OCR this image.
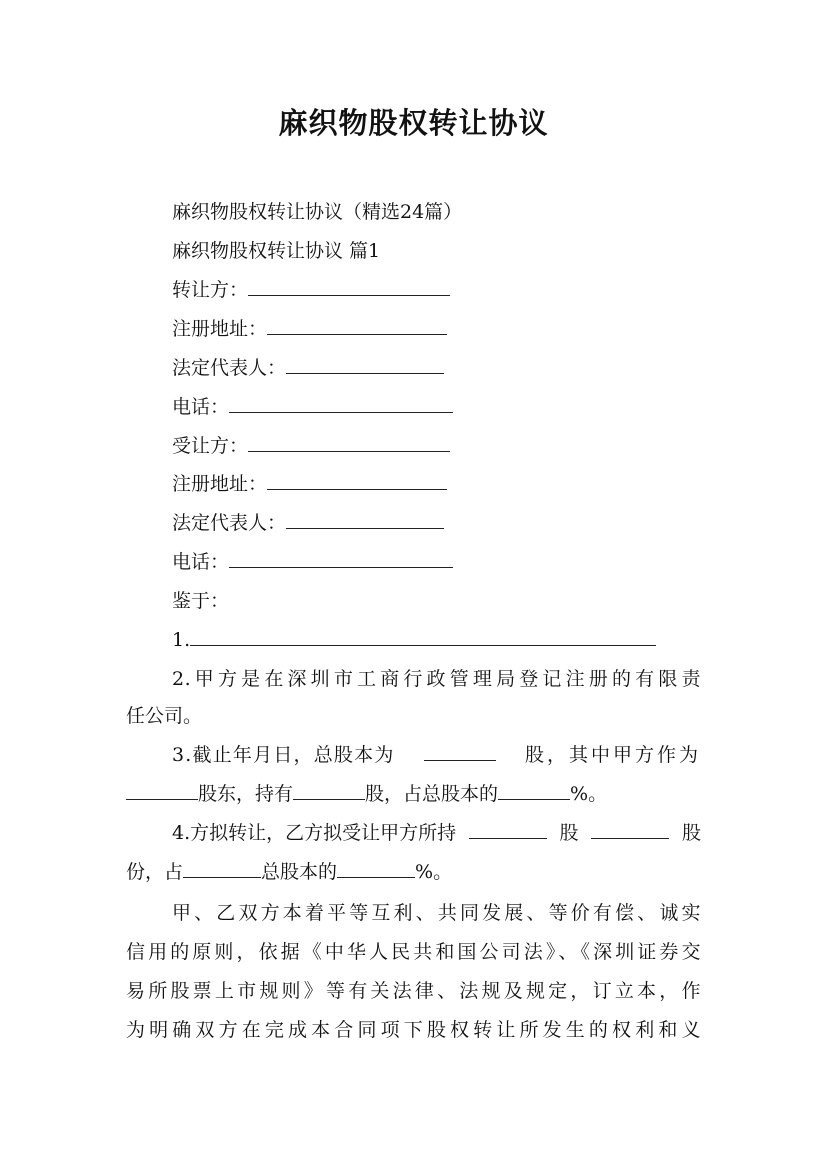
麻织物股权转让协议
麻织物股权转让协议（精选24篇）
麻织物股权转让协议 篇1
转让方：
注册地址：
法定代表人：
电话：
受让方：
注册地址：
法定代表人：
电话：
鉴于：
1.
2.甲方是在深圳市工商行政管理局登记注册的有限责
任公司。
3.截止年月日，总股本为	股，其中甲方作为
股东，持有	股，占总股本的	%。
4.方拟转让，乙方拟受让甲方所持	股	股
份，占	总股本的	%。
甲、乙双方本着平等互利、共同发展、等价有偿、诚实
信用的原则，依据《中华人民共和国公司法》、《深圳证券交
易所股票上市规则》等有关法律、法规及规定，订立本，作
为明确双方在完成本合同项下股权转让所发生的权利和义
